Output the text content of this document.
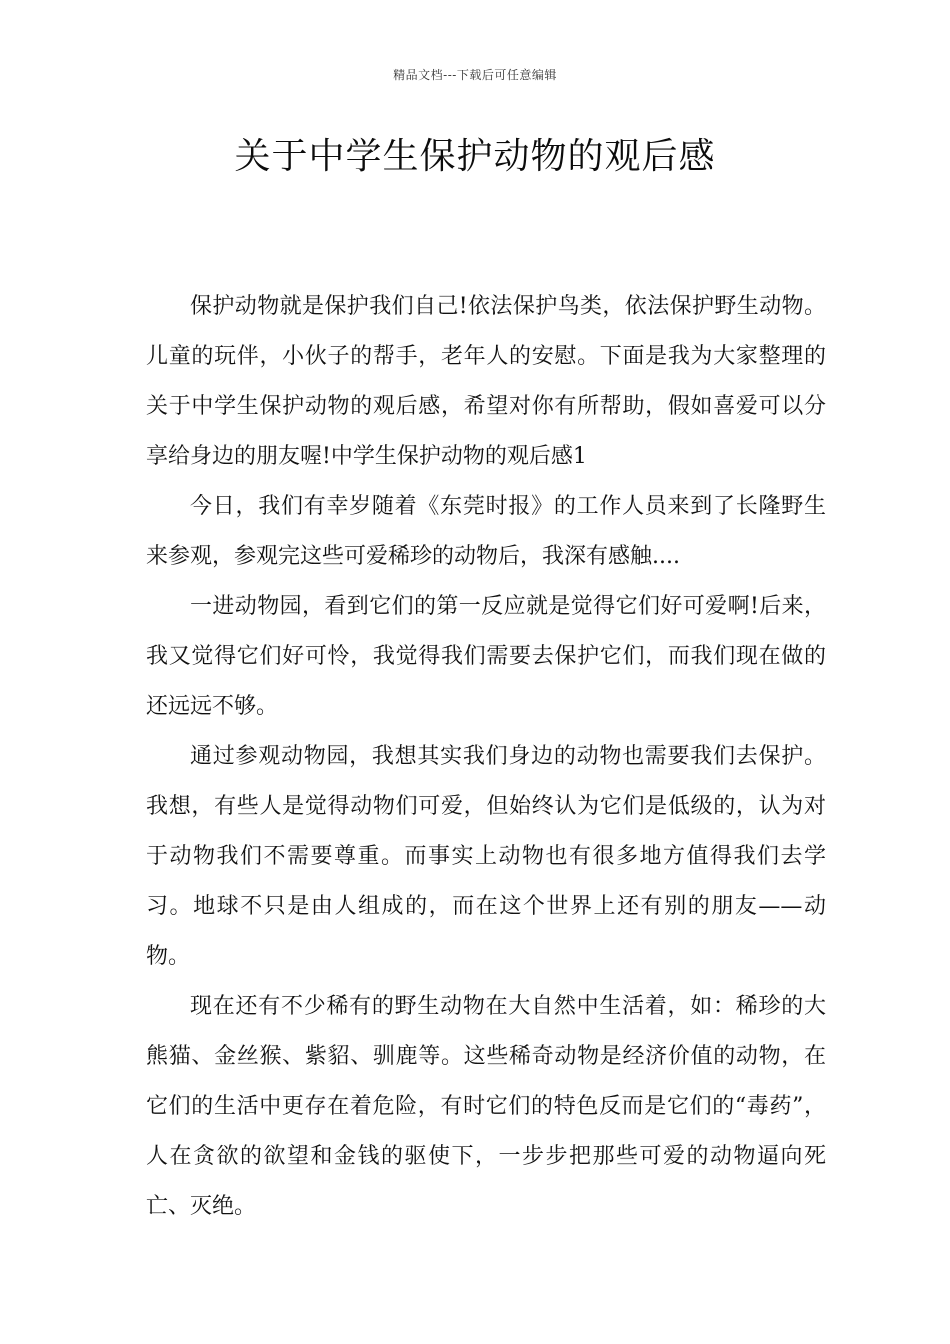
精品文档---下载后可任意编辑
关于中学生保护动物的观后感

保护动物就是保护我们自己!依法保护鸟类，依法保护野生动物。儿童的玩伴，小伙子的帮手，老年人的安慰。下面是我为大家整理的关于中学生保护动物的观后感，希望对你有所帮助，假如喜爱可以分享给身边的朋友喔!中学生保护动物的观后感1

今日，我们有幸岁随着《东莞时报》的工作人员来到了长隆野生来参观，参观完这些可爱稀珍的动物后，我深有感触....

一进动物园，看到它们的第一反应就是觉得它们好可爱啊!后来，我又觉得它们好可怜，我觉得我们需要去保护它们，而我们现在做的还远远不够。

通过参观动物园，我想其实我们身边的动物也需要我们去保护。我想，有些人是觉得动物们可爱，但始终认为它们是低级的，认为对于动物我们不需要尊重。而事实上动物也有很多地方值得我们去学习。地球不只是由人组成的，而在这个世界上还有别的朋友——动物。

现在还有不少稀有的野生动物在大自然中生活着，如：稀珍的大熊猫、金丝猴、紫貂、驯鹿等。这些稀奇动物是经济价值的动物，在它们的生活中更存在着危险，有时它们的特色反而是它们的“毒药”，人在贪欲的欲望和金钱的驱使下，一步步把那些可爱的动物逼向死亡、灭绝。
